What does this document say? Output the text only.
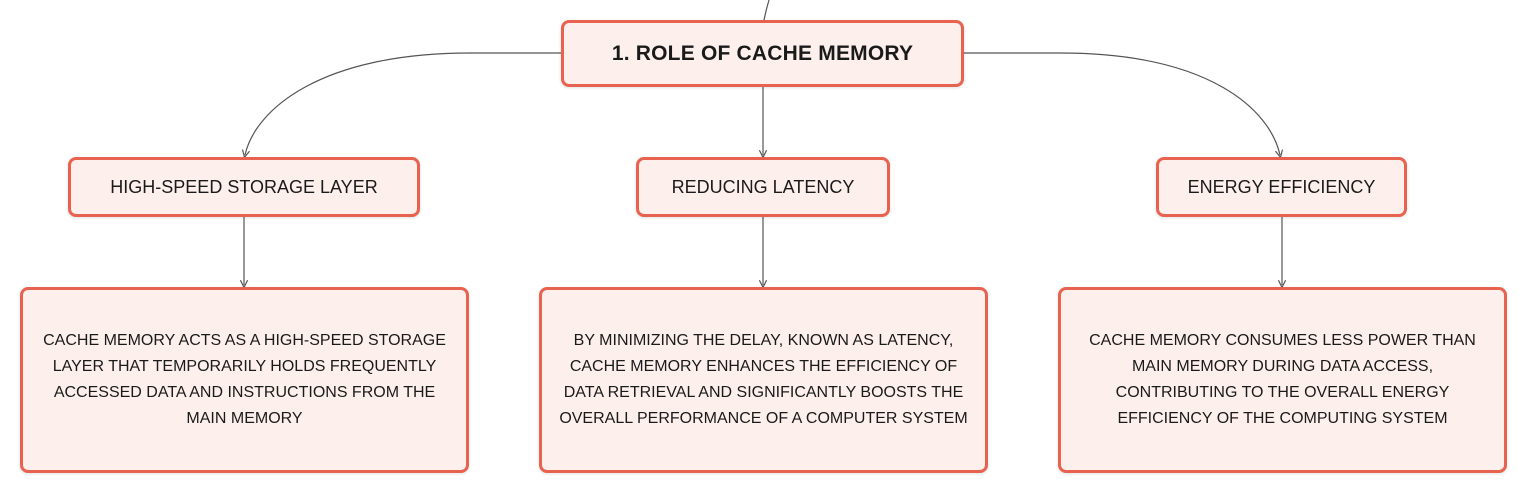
1. ROLE OF CACHE MEMORY
HIGH-SPEED STORAGE LAYER	REDUCING LATENCY	ENERGY EFFICIENCY
CACHE MEMORY ACTS AS A HIGH-SPEED STORAGE LAYER THAT TEMPORARILY HOLDS FREQUENTLY ACCESSED DATA AND INSTRUCTIONS FROM THE MAIN MEMORY
BY MINIMIZING THE DELAY, KNOWN AS LATENCY, CACHE MEMORY ENHANCES THE EFFICIENCY OF DATA RETRIEVAL AND SIGNIFICANTLY BOOSTS THE OVERALL PERFORMANCE OF A COMPUTER SYSTEM
CACHE MEMORY CONSUMES LESS POWER THAN MAIN MEMORY DURING DATA ACCESS, CONTRIBUTING TO THE OVERALL ENERGY EFFICIENCY OF THE COMPUTING SYSTEM
